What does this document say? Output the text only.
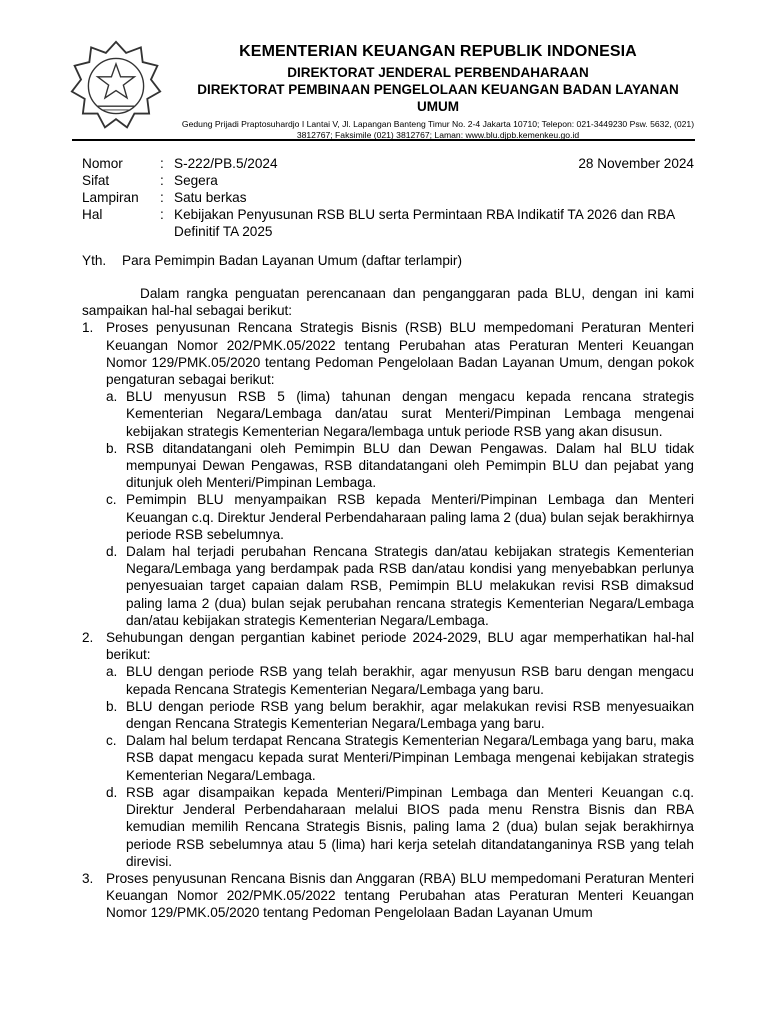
KEMENTERIAN KEUANGAN REPUBLIK INDONESIA
DIREKTORAT JENDERAL PERBENDAHARAAN
DIREKTORAT PEMBINAAN PENGELOLAAN KEUANGAN BADAN LAYANAN UMUM
Gedung Prijadi Praptosuhardjo I Lantai V, Jl. Lapangan Banteng Timur No. 2-4 Jakarta 10710; Telepon: 021-3449230 Psw. 5632, (021) 3812767; Faksimile (021) 3812767; Laman: www.blu.djpb.kemenkeu.go.id
28 November 2024
Nomor	: S-222/PB.5/2024
Sifat	: Segera
Lampiran	: Satu berkas
Hal	: Kebijakan Penyusunan RSB BLU serta Permintaan RBA Indikatif TA 2026 dan RBA Definitif TA 2025
Yth. Para Pemimpin Badan Layanan Umum (daftar terlampir)

Dalam rangka penguatan perencanaan dan penganggaran pada BLU, dengan ini kami sampaikan hal-hal sebagai berikut:

1. Proses penyusunan Rencana Strategis Bisnis (RSB) BLU mempedomani Peraturan Menteri Keuangan Nomor 202/PMK.05/2022 tentang Perubahan atas Peraturan Menteri Keuangan Nomor 129/PMK.05/2020 tentang Pedoman Pengelolaan Badan Layanan Umum, dengan pokok pengaturan sebagai berikut:
a. BLU menyusun RSB 5 (lima) tahunan dengan mengacu kepada rencana strategis Kementerian Negara/Lembaga dan/atau surat Menteri/Pimpinan Lembaga mengenai kebijakan strategis Kementerian Negara/lembaga untuk periode RSB yang akan disusun.
b. RSB ditandatangani oleh Pemimpin BLU dan Dewan Pengawas. Dalam hal BLU tidak mempunyai Dewan Pengawas, RSB ditandatangani oleh Pemimpin BLU dan pejabat yang ditunjuk oleh Menteri/Pimpinan Lembaga.
c. Pemimpin BLU menyampaikan RSB kepada Menteri/Pimpinan Lembaga dan Menteri Keuangan c.q. Direktur Jenderal Perbendaharaan paling lama 2 (dua) bulan sejak berakhirnya periode RSB sebelumnya.
d. Dalam hal terjadi perubahan Rencana Strategis dan/atau kebijakan strategis Kementerian Negara/Lembaga yang berdampak pada RSB dan/atau kondisi yang menyebabkan perlunya penyesuaian target capaian dalam RSB, Pemimpin BLU melakukan revisi RSB dimaksud paling lama 2 (dua) bulan sejak perubahan rencana strategis Kementerian Negara/Lembaga dan/atau kebijakan strategis Kementerian Negara/Lembaga.
2. Sehubungan dengan pergantian kabinet periode 2024-2029, BLU agar memperhatikan hal-hal berikut:
a. BLU dengan periode RSB yang telah berakhir, agar menyusun RSB baru dengan mengacu kepada Rencana Strategis Kementerian Negara/Lembaga yang baru.
b. BLU dengan periode RSB yang belum berakhir, agar melakukan revisi RSB menyesuaikan dengan Rencana Strategis Kementerian Negara/Lembaga yang baru.
c. Dalam hal belum terdapat Rencana Strategis Kementerian Negara/Lembaga yang baru, maka RSB dapat mengacu kepada surat Menteri/Pimpinan Lembaga mengenai kebijakan strategis Kementerian Negara/Lembaga.
d. RSB agar disampaikan kepada Menteri/Pimpinan Lembaga dan Menteri Keuangan c.q. Direktur Jenderal Perbendaharaan melalui BIOS pada menu Renstra Bisnis dan RBA kemudian memilih Rencana Strategis Bisnis, paling lama 2 (dua) bulan sejak berakhirnya periode RSB sebelumnya atau 5 (lima) hari kerja setelah ditandatanganinya RSB yang telah direvisi.
3. Proses penyusunan Rencana Bisnis dan Anggaran (RBA) BLU mempedomani Peraturan Menteri Keuangan Nomor 202/PMK.05/2022 tentang Perubahan atas Peraturan Menteri Keuangan Nomor 129/PMK.05/2020 tentang Pedoman Pengelolaan Badan Layanan Umum
